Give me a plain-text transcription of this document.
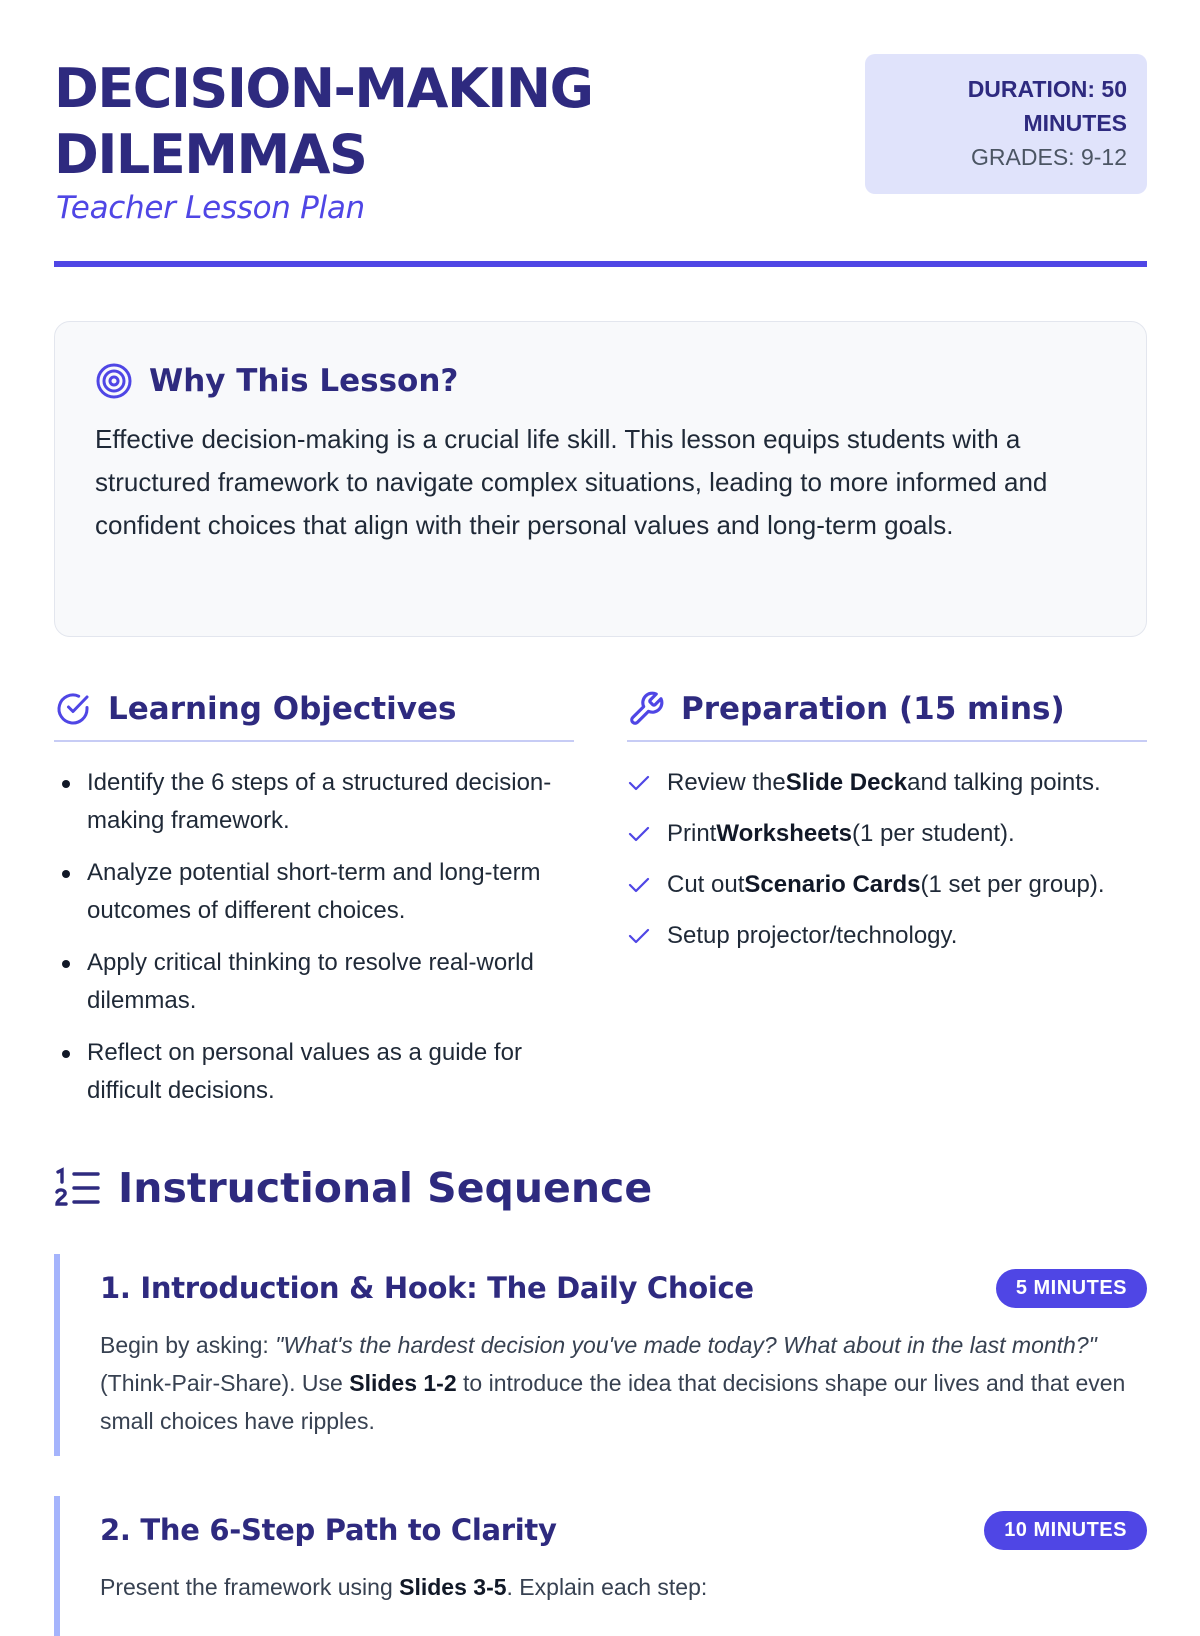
DECISION-MAKING DILEMMAS
Teacher Lesson Plan
DURATION: 50 MINUTES
GRADES: 9-12
Why This Lesson?

Effective decision-making is a crucial life skill. This lesson equips students with a structured framework to navigate complex situations, leading to more informed and confident choices that align with their personal values and long-term goals.

Learning Objectives
Identify the 6 steps of a structured decision-making framework.
Analyze potential short-term and long-term outcomes of different choices.
Apply critical thinking to resolve real-world dilemmas.
Reflect on personal values as a guide for difficult decisions.
Preparation (15 mins)
Review theSlide Deckand talking points.
PrintWorksheets(1 per student).
Cut outScenario Cards(1 set per group).
Setup projector/technology.
Instructional Sequence
1. Introduction & Hook: The Daily Choice	5 MINUTES

Begin by asking: "What's the hardest decision you've made today? What about in the last month?" (Think-Pair-Share). Use Slides 1-2 to introduce the idea that decisions shape our lives and that even small choices have ripples.

2. The 6-Step Path to Clarity	10 MINUTES

Present the framework using Slides 3-5. Explain each step:
